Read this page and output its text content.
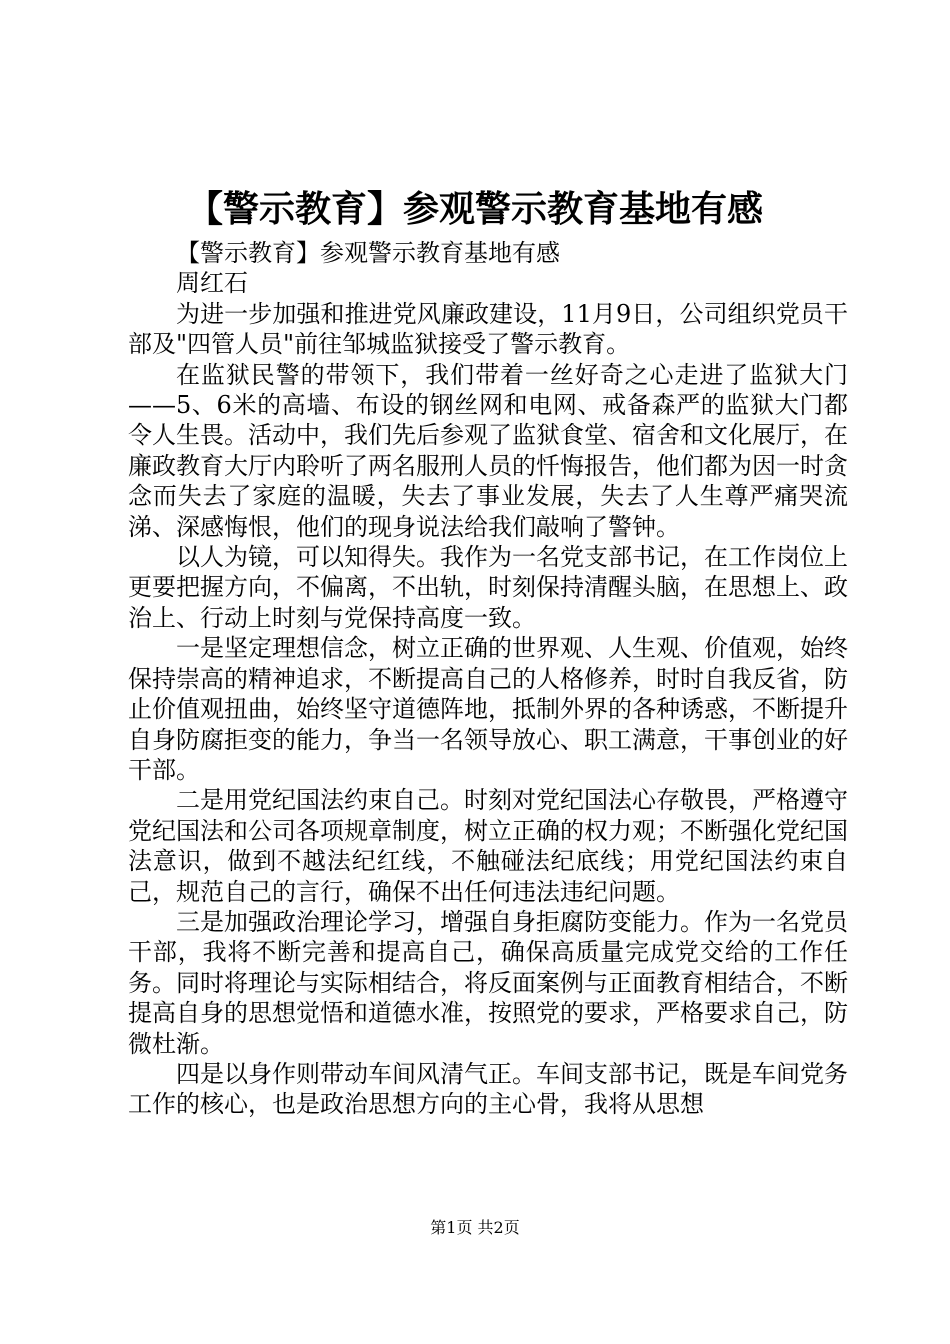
【警示教育】参观警示教育基地有感

【警示教育】参观警示教育基地有感

周红石

为进一步加强和推进党风廉政建设，11月9日，公司组织党员干部及"四管人员"前往邹城监狱接受了警示教育。

在监狱民警的带领下，我们带着一丝好奇之心走进了监狱大门——5、6米的高墙、布设的钢丝网和电网、戒备森严的监狱大门都令人生畏。活动中，我们先后参观了监狱食堂、宿舍和文化展厅，在廉政教育大厅内聆听了两名服刑人员的忏悔报告，他们都为因一时贪念而失去了家庭的温暖，失去了事业发展，失去了人生尊严痛哭流涕、深感悔恨，他们的现身说法给我们敲响了警钟。

以人为镜，可以知得失。我作为一名党支部书记，在工作岗位上更要把握方向，不偏离，不出轨，时刻保持清醒头脑，在思想上、政治上、行动上时刻与党保持高度一致。

一是坚定理想信念，树立正确的世界观、人生观、价值观，始终保持崇高的精神追求，不断提高自己的人格修养，时时自我反省，防止价值观扭曲，始终坚守道德阵地，抵制外界的各种诱惑，不断提升自身防腐拒变的能力，争当一名领导放心、职工满意，干事创业的好干部。

二是用党纪国法约束自己。时刻对党纪国法心存敬畏，严格遵守党纪国法和公司各项规章制度，树立正确的权力观；不断强化党纪国法意识，做到不越法纪红线，不触碰法纪底线；用党纪国法约束自己，规范自己的言行，确保不出任何违法违纪问题。

三是加强政治理论学习，增强自身拒腐防变能力。作为一名党员干部，我将不断完善和提高自己，确保高质量完成党交给的工作任务。同时将理论与实际相结合，将反面案例与正面教育相结合，不断提高自身的思想觉悟和道德水准，按照党的要求，严格要求自己，防微杜渐。

四是以身作则带动车间风清气正。车间支部书记，既是车间党务工作的核心，也是政治思想方向的主心骨，我将从思想

第1页 共2页
